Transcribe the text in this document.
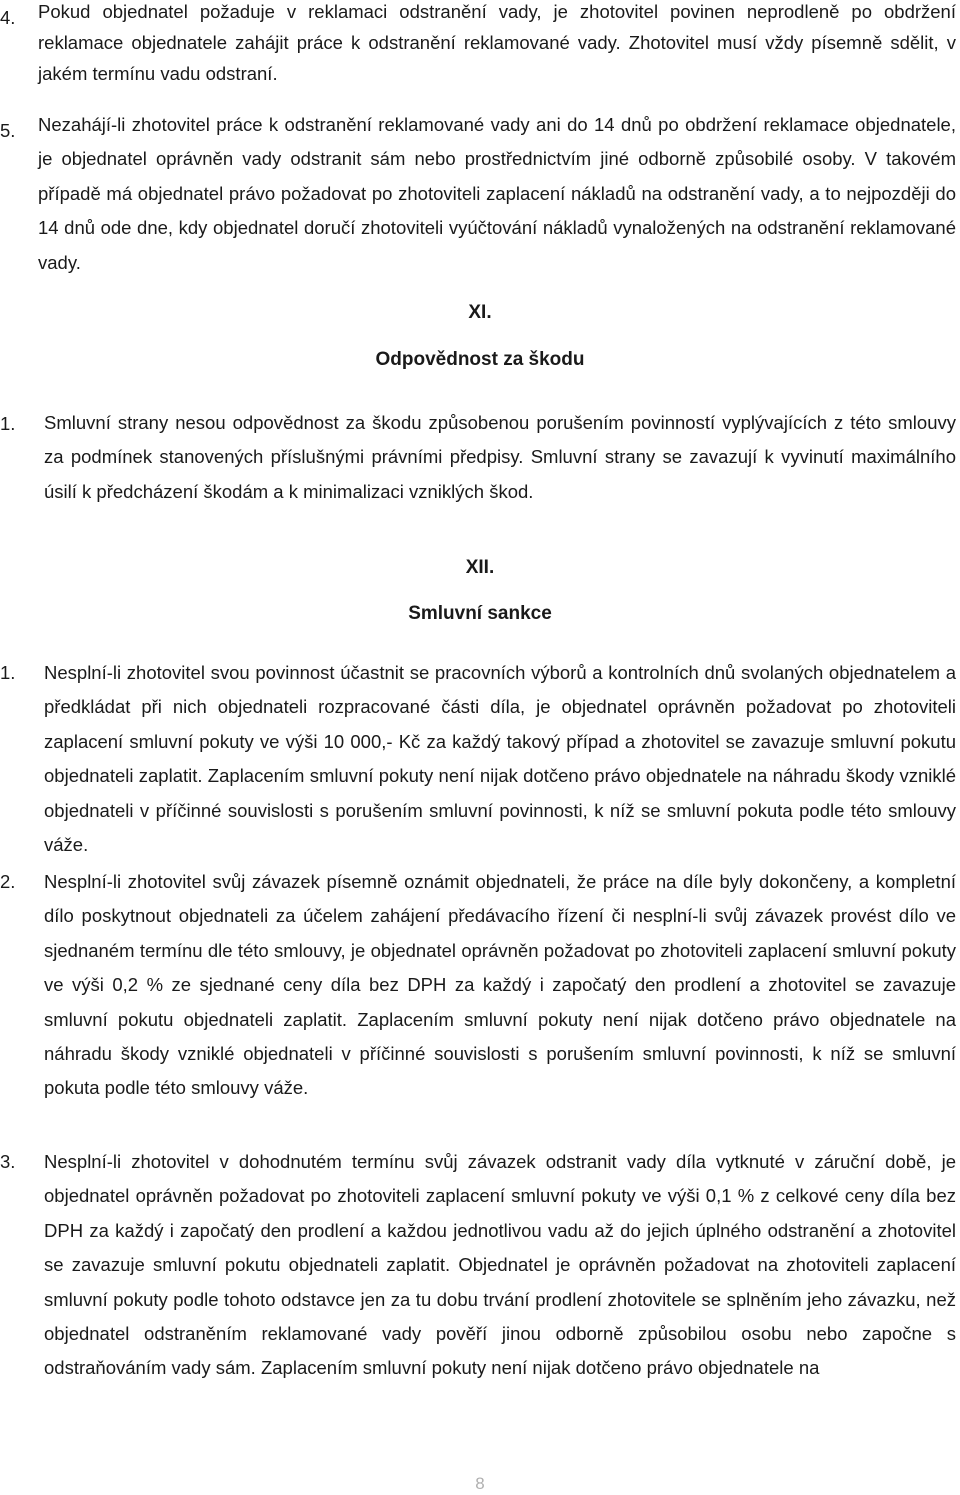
4.	Pokud objednatel požaduje v reklamaci odstranění vady, je zhotovitel povinen neprodleně po obdržení reklamace objednatele zahájit práce k odstranění reklamované vady. Zhotovitel musí vždy písemně sdělit, v jakém termínu vadu odstraní.
5.	Nezahájí-li zhotovitel práce k odstranění reklamované vady ani do 14 dnů po obdržení reklamace objednatele, je objednatel oprávněn vady odstranit sám nebo prostřednictvím jiné odborně způsobilé osoby. V takovém případě má objednatel právo požadovat po zhotoviteli zaplacení nákladů na odstranění vady, a to nejpozději do 14 dnů ode dne, kdy objednatel doručí zhotoviteli vyúčtování nákladů vynaložených na odstranění reklamované vady.
XI.
Odpovědnost za škodu
1.	Smluvní strany nesou odpovědnost za škodu způsobenou porušením povinností vyplývajících z této smlouvy za podmínek stanovených příslušnými právními předpisy. Smluvní strany se zavazují k vyvinutí maximálního úsilí k předcházení škodám a k minimalizaci vzniklých škod.
XII.
Smluvní sankce
1.	Nesplní-li zhotovitel svou povinnost účastnit se pracovních výborů a kontrolních dnů svolaných objednatelem a předkládat při nich objednateli rozpracované části díla, je objednatel oprávněn požadovat po zhotoviteli zaplacení smluvní pokuty ve výši 10 000,- Kč za každý takový případ a zhotovitel se zavazuje smluvní pokutu objednateli zaplatit. Zaplacením smluvní pokuty není nijak dotčeno právo objednatele na náhradu škody vzniklé objednateli v příčinné souvislosti s porušením smluvní povinnosti, k níž se smluvní pokuta podle této smlouvy váže.
2.	Nesplní-li zhotovitel svůj závazek písemně oznámit objednateli, že práce na díle byly dokončeny, a kompletní dílo poskytnout objednateli za účelem zahájení předávacího řízení či nesplní-li svůj závazek provést dílo ve sjednaném termínu dle této smlouvy, je objednatel oprávněn požadovat po zhotoviteli zaplacení smluvní pokuty ve výši 0,2 % ze sjednané ceny díla bez DPH za každý i započatý den prodlení a zhotovitel se zavazuje smluvní pokutu objednateli zaplatit. Zaplacením smluvní pokuty není nijak dotčeno právo objednatele na náhradu škody vzniklé objednateli v příčinné souvislosti s porušením smluvní povinnosti, k níž se smluvní pokuta podle této smlouvy váže.
3.	Nesplní-li zhotovitel v dohodnutém termínu svůj závazek odstranit vady díla vytknuté v záruční době, je objednatel oprávněn požadovat po zhotoviteli zaplacení smluvní pokuty ve výši 0,1 % z celkové ceny díla bez DPH za každý i započatý den prodlení a každou jednotlivou vadu až do jejich úplného odstranění a zhotovitel se zavazuje smluvní pokutu objednateli zaplatit. Objednatel je oprávněn požadovat na zhotoviteli zaplacení smluvní pokuty podle tohoto odstavce jen za tu dobu trvání prodlení zhotovitele se splněním jeho závazku, než objednatel odstraněním reklamované vady pověří jinou odborně způsobilou osobu nebo započne s odstraňováním vady sám. Zaplacením smluvní pokuty není nijak dotčeno právo objednatele na
8
